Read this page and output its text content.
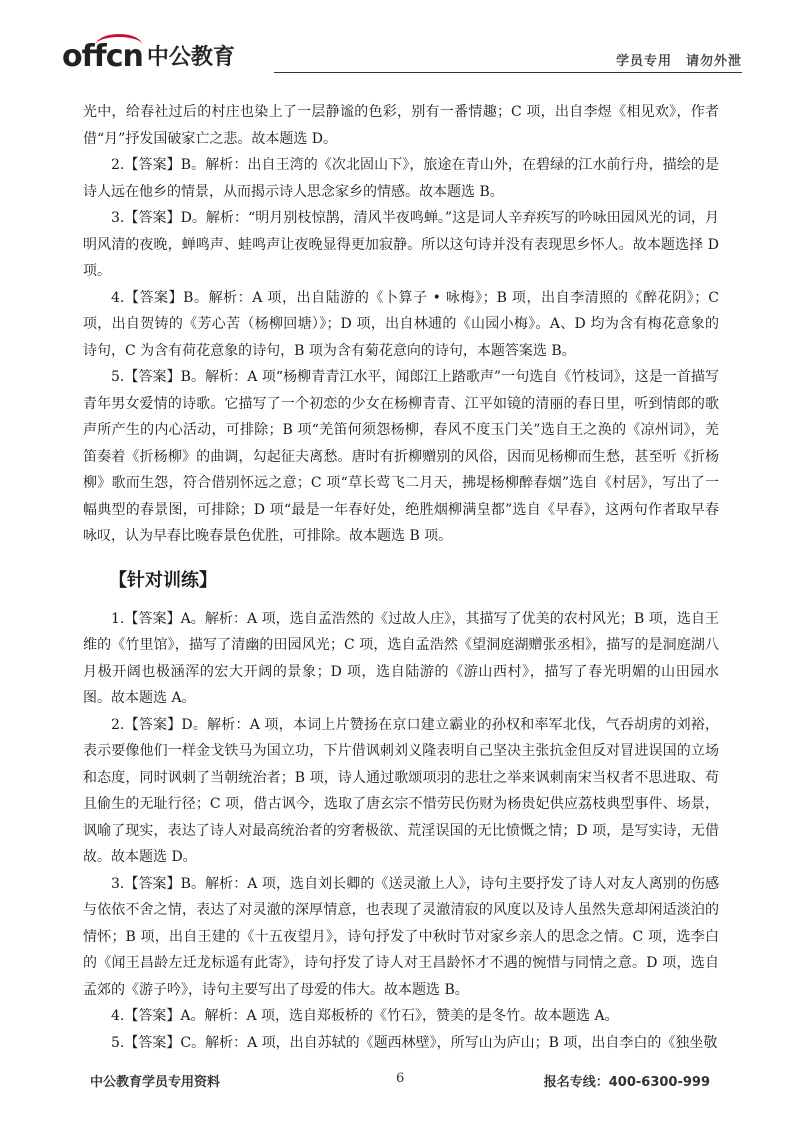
offcn 中公教育	学员专用　请勿外泄

光中，给春社过后的村庄也染上了一层静谧的色彩，别有一番情趣；C 项，出自李煜《相见欢》，作者借“月”抒发国破家亡之悲。故本题选 D。

2.【答案】B。解析：出自王湾的《次北固山下》，旅途在青山外，在碧绿的江水前行舟，描绘的是诗人远在他乡的情景，从而揭示诗人思念家乡的情感。故本题选 B。

3.【答案】D。解析：“明月别枝惊鹊，清风半夜鸣蝉。”这是词人辛弃疾写的吟咏田园风光的词，月明风清的夜晚，蝉鸣声、蛙鸣声让夜晚显得更加寂静。所以这句诗并没有表现思乡怀人。故本题选择 D 项。

4.【答案】B。解析：A 项，出自陆游的《卜算子 • 咏梅》；B 项，出自李清照的《醉花阴》；C 项，出自贺铸的《芳心苦（杨柳回塘）》；D 项，出自林逋的《山园小梅》。A、D 均为含有梅花意象的诗句，C 为含有荷花意象的诗句，B 项为含有菊花意向的诗句，本题答案选 B。

5.【答案】B。解析：A 项“杨柳青青江水平，闻郎江上踏歌声”一句选自《竹枝词》，这是一首描写青年男女爱情的诗歌。它描写了一个初恋的少女在杨柳青青、江平如镜的清丽的春日里，听到情郎的歌声所产生的内心活动，可排除；B 项“羌笛何须怨杨柳，春风不度玉门关”选自王之涣的《凉州词》，羌笛奏着《折杨柳》的曲调，勾起征夫离愁。唐时有折柳赠别的风俗，因而见杨柳而生愁，甚至听《折杨柳》歌而生怨，符合借别怀远之意；C 项“草长莺飞二月天，拂堤杨柳醉春烟”选自《村居》，写出了一幅典型的春景图，可排除；D 项“最是一年春好处，绝胜烟柳满皇都”选自《早春》，这两句作者取早春咏叹，认为早春比晚春景色优胜，可排除。故本题选 B 项。

【针对训练】

1.【答案】A。解析：A 项，选自孟浩然的《过故人庄》，其描写了优美的农村风光；B 项，选自王维的《竹里馆》，描写了清幽的田园风光；C 项，选自孟浩然《望洞庭湖赠张丞相》，描写的是洞庭湖八月极开阔也极涵浑的宏大开阔的景象；D 项，选自陆游的《游山西村》，描写了春光明媚的山田园水图。故本题选 A。

2.【答案】D。解析：A 项，本词上片赞扬在京口建立霸业的孙权和率军北伐，气吞胡虏的刘裕，表示要像他们一样金戈铁马为国立功，下片借讽刺刘义隆表明自己坚决主张抗金但反对冒进误国的立场和态度，同时讽刺了当朝统治者；B 项，诗人通过歌颂项羽的悲壮之举来讽刺南宋当权者不思进取、苟且偷生的无耻行径；C 项，借古讽今，选取了唐玄宗不惜劳民伤财为杨贵妃供应荔枝典型事件、场景，讽喻了现实，表达了诗人对最高统治者的穷奢极欲、荒淫误国的无比愤慨之情；D 项，是写实诗，无借故。故本题选 D。

3.【答案】B。解析：A 项，选自刘长卿的《送灵澈上人》，诗句主要抒发了诗人对友人离别的伤感与依依不舍之情，表达了对灵澈的深厚情意，也表现了灵澈清寂的风度以及诗人虽然失意却闲适淡泊的情怀；B 项，出自王建的《十五夜望月》，诗句抒发了中秋时节对家乡亲人的思念之情。C 项，选李白的《闻王昌龄左迁龙标遥有此寄》，诗句抒发了诗人对王昌龄怀才不遇的惋惜与同情之意。D 项，选自孟郊的《游子吟》，诗句主要写出了母爱的伟大。故本题选 B。

4.【答案】A。解析：A 项，选自郑板桥的《竹石》，赞美的是冬竹。故本题选 A。

5.【答案】C。解析：A 项，出自苏轼的《题西林壁》，所写山为庐山；B 项，出自李白的《独坐敬

中公教育学员专用资料	6	报名专线：400-6300-999
